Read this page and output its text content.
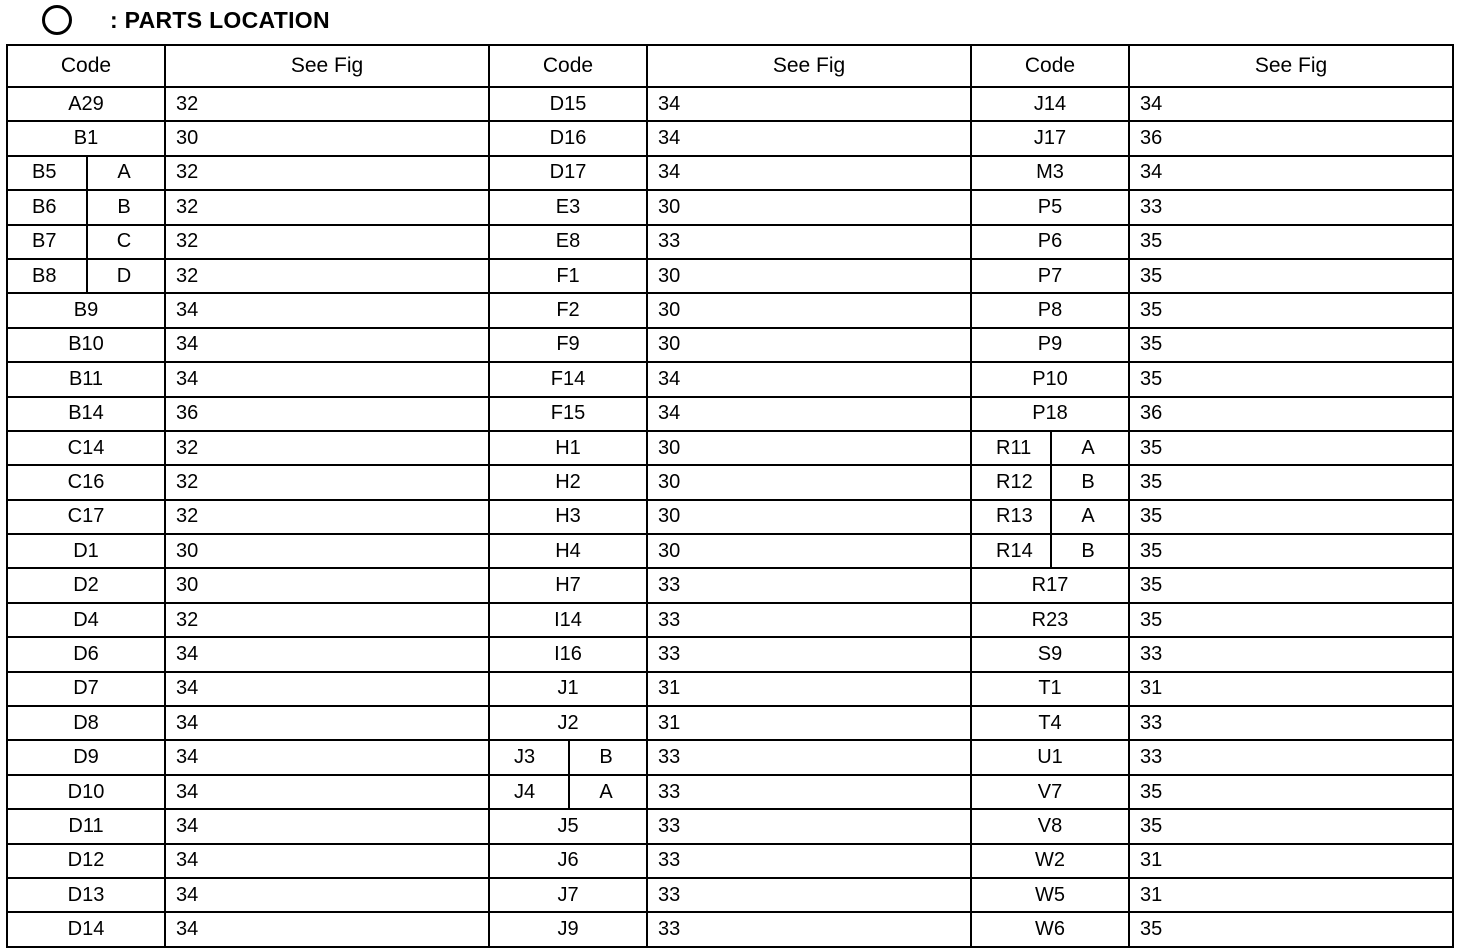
: PARTS LOCATION
Code	See Fig
A29	32
B1	30
B5	A	32
B6	B	32
B7	C	32
B8	D	32
B9	34
B10	34
B11	34
B14	36
C14	32
C16	32
C17	32
D1	30
D2	30
D4	32
D6	34
D7	34
D8	34
D9	34
D10	34
D11	34
D12	34
D13	34
D14	34
Code	See Fig
D15	34
D16	34
D17	34
E3	30
E8	33
F1	30
F2	30
F9	30
F14	34
F15	34
H1	30
H2	30
H3	30
H4	30
H7	33
I14	33
I16	33
J1	31
J2	31
J3	B	33
J4	A	33
J5	33
J6	33
J7	33
J9	33
Code	See Fig
J14	34
J17	36
M3	34
P5	33
P6	35
P7	35
P8	35
P9	35
P10	35
P18	36
R11	A	35
R12	B	35
R13	A	35
R14	B	35
R17	35
R23	35
S9	33
T1	31
T4	33
U1	33
V7	35
V8	35
W2	31
W5	31
W6	35
